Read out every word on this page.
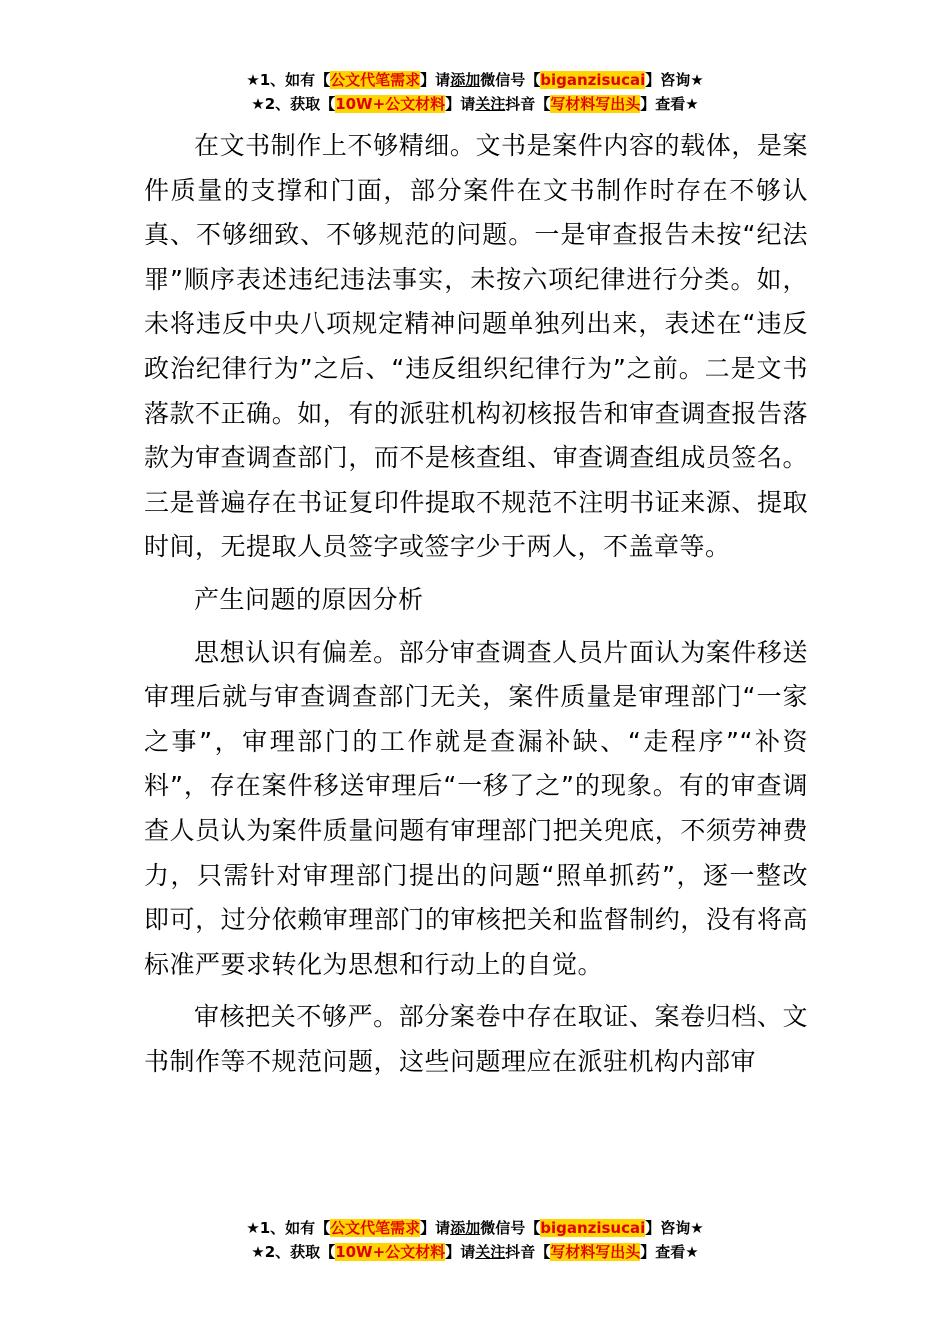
★1、如有【公文代笔需求】请添加微信号【biganzisucai】咨询★
★2、获取【10W+公文材料】请关注抖音【写材料写出头】查看★

在文书制作上不够精细。文书是案件内容的载体，是案件质量的支撑和门面，部分案件在文书制作时存在不够认真、不够细致、不够规范的问题。一是审查报告未按“纪法罪”顺序表述违纪违法事实，未按六项纪律进行分类。如，未将违反中央八项规定精神问题单独列出来，表述在“违反政治纪律行为”之后、“违反组织纪律行为”之前。二是文书落款不正确。如，有的派驻机构初核报告和审查调查报告落款为审查调查部门，而不是核查组、审查调查组成员签名。三是普遍存在书证复印件提取不规范不注明书证来源、提取时间，无提取人员签字或签字少于两人，不盖章等。

产生问题的原因分析

思想认识有偏差。部分审查调查人员片面认为案件移送审理后就与审查调查部门无关，案件质量是审理部门“一家之事”，审理部门的工作就是查漏补缺、“走程序”“补资料”，存在案件移送审理后“一移了之”的现象。有的审查调查人员认为案件质量问题有审理部门把关兜底，不须劳神费力，只需针对审理部门提出的问题“照单抓药”，逐一整改即可，过分依赖审理部门的审核把关和监督制约，没有将高标准严要求转化为思想和行动上的自觉。

审核把关不够严。部分案卷中存在取证、案卷归档、文书制作等不规范问题，这些问题理应在派驻机构内部审

★1、如有【公文代笔需求】请添加微信号【biganzisucai】咨询★
★2、获取【10W+公文材料】请关注抖音【写材料写出头】查看★
